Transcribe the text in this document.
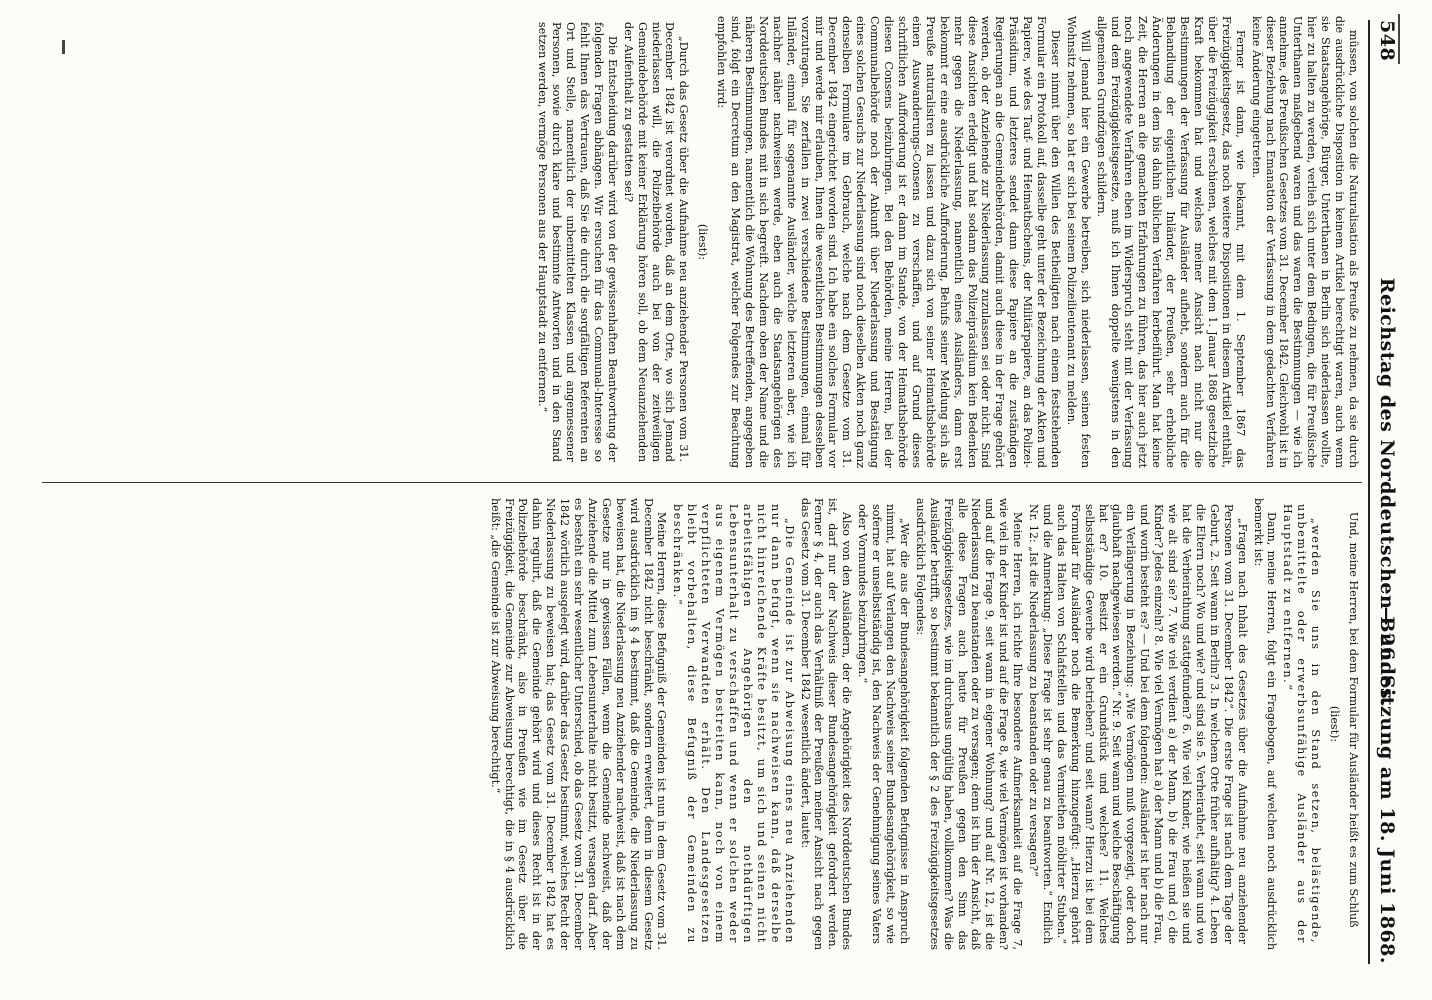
548
Reichstag des Norddeutschen Bundes.
— 26. Sitzung am 18. Juni 1868.

müssen, von solchen die Naturalisation als Preuße zu nehmen, da sie durch die ausdrückliche Disposition in keinem Artikel berechtigt waren, auch wenn sie Staatsangehörige, Bürger, Unterthanen in Berlin sich niederlassen wollte, hier zu halten zu werden, verlieh sich unter dem Bedingen, die für Preußische Unterthanen maßgebend waren und das waren die Bestimmungen — wie ich annehme, des Preußischen Gesetzes vom 31. December 1842. Gleichwohl ist in dieser Beziehung nach Emanation der Verfassung in dem gedachten Verfahren keine Änderung eingetreten.

Ferner ist dann, wie bekannt, mit dem 1. September 1867 das Freizügigkeitsgesetz, das noch weitere Dispositionen in diesem Artikel enthält, über die Freizügigkeit erschienen, welches mit dem 1. Januar 1868 gesetzliche Kraft bekommen hat und welches meiner Ansicht nach nicht nur die Bestimmungen der Verfassung für Ausländer aufhebt, sondern auch für die Behandlung der eigentlichen Inländer, der Preußen, sehr erhebliche Änderungen in dem bis dahin üblichen Verfahren herbeiführt. Man hat keine Zeit, die Herren an die gemachten Erfahrungen zu führen, das hier auch jetzt noch angewendete Verfahren eben im Widerspruch steht mit der Verfassung und dem Freizügigkeitsgesetze, muß ich Ihnen doppelte wenigstens in den allgemeinen Grundzügen schildern.

Will Jemand hier ein Gewerbe betreiben, sich niederlassen, seinen festen Wohnsitz nehmen, so hat er sich bei seinem Polizeilieutenant zu melden.

Dieser nimmt über den Willen des Betheiligten nach einem feststehenden Formular ein Protokoll auf, dasselbe geht unter der Bezeichnung der Akten und Papiere, wie des Tauf- und Heimathscheins, der Militärpapiere, an das Polizei-Präsidium, und letzteres sendet dann diese Papiere an die zuständigen Regierungen an die Gemeindebehörden, damit auch diese in der Frage gehört werden, ob der Anziehende zur Niederlassung zuzulassen sei oder nicht. Sind diese Ansichten erledigt und hat sodann das Polizeipräsidium kein Bedenken mehr gegen die Niederlassung, namentlich eines Ausländers, dann erst bekommt er eine ausdrückliche Aufforderung, Behufs seiner Meldung sich als Preuße naturalisiren zu lassen und dazu sich von seiner Heimathsbehörde einen Auswanderungs-Consens zu verschaffen, und auf Grund dieses schriftlichen Aufforderung ist er dann im Stande, von der Heimathsbehörde diesen Consens beizubringen. Bei den Behörden, meine Herren, bei der Communalbehörde noch der Ankunft über Niederlassung und Bestätigung eines solchen Gesuchs zur Niederlassung sind noch dieselben Akten noch ganz denselben Formulare im Gebrauch, welche nach dem Gesetze vom 31. December 1842 eingerichtet worden sind. Ich habe ein solches Formular vor mir und werde mir erlauben, Ihnen die wesentlichen Bestimmungen desselben vorzutragen. Sie zerfallen in zwei verschiedene Bestimmungen, einmal für Inländer, einmal für sogenannte Ausländer, welche letzteren aber, wie ich nachher näher nachweisen werde, eben auch die Staatsangehörigen des Norddeutschen Bundes mit in sich begreift. Nachdem oben der Name und die näheren Bestimmungen, namentlich die Wohnung des Betreffenden, angegeben sind, folgt ein Decretum an den Magistrat, welcher Folgendes zur Beachtung empfohlen wird:

(liest):

„Durch das Gesetz über die Aufnahme neu anziehender Personen vom 31. December 1842 ist verordnet worden, daß an dem Orte, wo sich Jemand niederlassen will, die Polizeibehörde auch bei von der zeitweiligen Gemeindebehörde mit keiner Erklärung hören soll, ob dem Neuanziehenden der Aufenthalt zu gestatten sei?

Die Entscheidung darüber wird von der gewissenhaften Beantwortung der folgenden Fragen abhängen. Wir ersuchen für das Communal-Interesse so fehlt Ihnen das Vertrauen, daß Sie die durch die sorgfältigen Referenten an Ort und Stelle, namentlich der unbemittelten Klassen und angemessener Personen, sowie durch klare und bestimmte Antworten und in den Stand setzen werden, vermöge Personen aus der Hauptstadt zu entfernen.“

Und, meine Herren, bei dem Formular für Ausländer heißt es zum Schluß

(liest):

„werden Sie uns in den Stand setzen, belästigende, unbemittelte oder erwerbsunfähige Ausländer aus der Hauptstadt zu entfernen.“

Dann, meine Herren, folgt ein Fragebogen, auf welchen noch ausdrücklich bemerkt ist:

„Fragen nach Inhalt des Gesetzes über die Aufnahme neu anziehender Personen vom 31. December 1842“. Die erste Frage ist nach dem Tage der Geburt, 2. Seit wann in Berlin? 3. In welchem Orte früher aufhältig? 4. Leben die Eltern noch? Wo und wie? und sind sie 5. Verheirathet, seit wann und wo hat die Verheirathung stattgefunden? 6. Wie viel Kinder, wie heißen sie und wie alt sind sie? 7. Wie viel verdient a) der Mann, b) die Frau und c) die Kinder? Jedes einzeln? 8. Wie viel Vermögen hat a) der Mann und b) die Frau, und worin besteht es? — Und bei dem folgenden: Ausländer ist hier nach nur ein Verlängerung in Beziehung: „Wie Vermögen muß vorgezeigt, oder doch glaubhaft nachgewiesen werden.“ Nr. 9. Seit wann und welche Beschäftigung hat er? 10. Besitzt er ein Grundstück und welches? 11. Welches selbstständige Gewerbe wird betrieben? und seit wann? Hierzu ist bei dem Formular für Ausländer noch die Bemerkung hinzugefügt: „Hierzu gehört auch das Halten von Schlafstellen und das Vermiethen möblirter Stuben.“ und die Anmerkung: „Diese Frage ist sehr genau zu beantworten.“ Endlich Nr. 12: „Ist die Niederlassung zu beanstanden oder zu versagen?“

Meine Herren, ich richte Ihre besondere Aufmerksamkeit auf die Frage 7, wie viel in der Kinder ist und auf die Frage 8, wie viel Vermögen ist vorhanden? und auf die Frage 9, seit wann in eigener Wohnung? und auf Nr. 12, ist die Niederlassung zu beanstanden oder zu versagen; denn ist hin der Ansicht, daß alle diese Fragen auch heute für Preußen gegen den Sinn das Freizügigkeitsgesetzes, wie im durchaus ungültig haben, vollkommen? Was die Ausländer betrifft, so bestimmt bekanntlich der § 2 des Freizügigkeitsgesetzes ausdrücklich Folgendes:

„Wer die aus der Bundesangehörigkeit folgenden Befugnisse in Anspruch nimmt, hat auf Verlangen den Nachweis seiner Bundesangehörigkeit, so wie soferne er unselbstständig ist, den Nachweis der Genehmigung seines Vaters oder Vormundes beizubringen.“

Also von den Ausländern, der die Angehörigkeit des Norddeutschen Bundes ist, darf nur der Nachweis dieser Bundesangehörigkeit gefordert werden. Ferner § 4, der auch das Verhältniß der Preußen meiner Ansicht nach gegen das Gesetz vom 31. December 1842 wesentlich ändert, lautet:

„Die Gemeinde ist zur Abweisung eines neu Anziehenden nur dann befugt, wenn sie nachweisen kann, daß derselbe nicht hinreichende Kräfte besitzt, um sich und seinen nicht arbeitsfähigen Angehörigen den nothdürftigen Lebensunterhalt zu verschaffen und wenn er solchen weder aus eigenem Vermögen bestreiten kann, noch von einem verpflichteten Verwandten erhält. Den Landesgesetzen bleibt vorbehalten, diese Befugniß der Gemeinden zu beschränken.“

Meine Herren, diese Befugniß der Gemeinden ist nun in dem Gesetz vom 31. December 1842 nicht beschränkt, sondern erweitert, denn in diesem Gesetz wird ausdrücklich im § 4 bestimmt, daß die Gemeinde, die Niederlassung zu beweisen hat, die Niederlassung neu Anziehender nachweist, daß ist nach dem Gesetze nur in gewissen Fällen, wenn die Gemeinde nachweist, daß der Anziehende die Mittel zum Lebensunterhalte nicht besitzt, versagen darf. Aber es besteht ein sehr wesentlicher Unterschied, ob das Gesetz vom 31. December 1842 wörtlich ausgelegt wird, darüber das Gesetz bestimmt, welches Recht der Niederlassung zu beweisen hat; das Gesetz vom 31. December 1842 hat es dahin regulirt, daß die Gemeinde gehört wird und dieses Recht ist in der Polizeibehörde beschränkt, also in Preußen wie im Gesetz über die Freizügigkeit, die Gemeinde zur Abweisung berechtigt, die in § 4 ausdrücklich heißt: „die Gemeinde ist zur Abweisung berechtigt.“
